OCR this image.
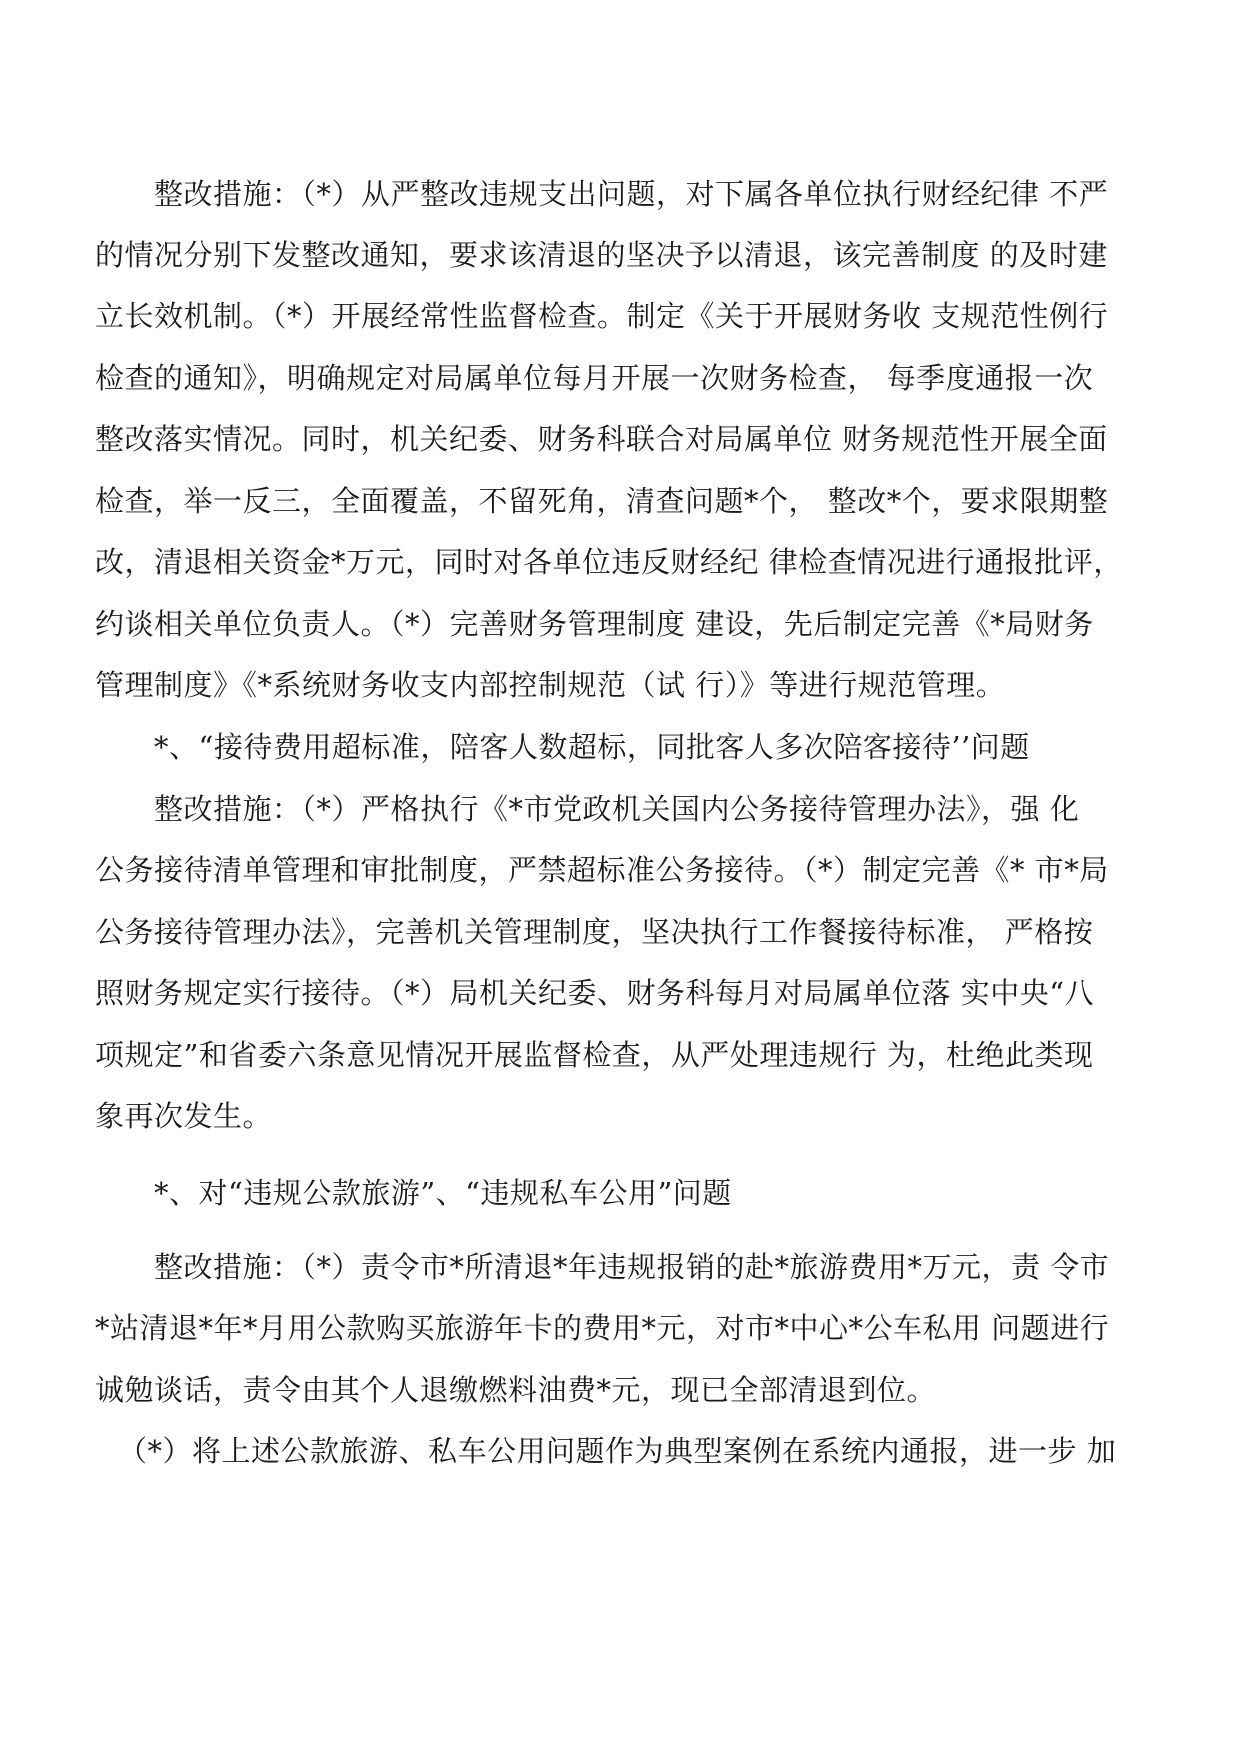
　　整改措施：（*）从严整改违规支出问题，对下属各单位执行财经纪律 不严
的情况分别下发整改通知，要求该清退的坚决予以清退，该完善制度 的及时建
立长效机制。（*）开展经常性监督检查。制定《关于开展财务收 支规范性例行
检查的通知》，明确规定对局属单位每月开展一次财务检查， 每季度通报一次
整改落实情况。同时，机关纪委、财务科联合对局属单位 财务规范性开展全面
检查，举一反三，全面覆盖，不留死角，清查问题*个， 整改*个，要求限期整
改，清退相关资金*万元，同时对各单位违反财经纪 律检查情况进行通报批评，
约谈相关单位负责人。（*）完善财务管理制度 建设，先后制定完善《*局财务
管理制度》《*系统财务收支内部控制规范（试 行）》等进行规范管理。
　　*、“接待费用超标准，陪客人数超标，同批客人多次陪客接待’’问题
　　整改措施：（*）严格执行《*市党政机关国内公务接待管理办法》，强 化
公务接待清单管理和审批制度，严禁超标准公务接待。（*）制定完善《* 市*局
公务接待管理办法》，完善机关管理制度，坚决执行工作餐接待标准， 严格按
照财务规定实行接待。（*）局机关纪委、财务科每月对局属单位落 实中央“八
项规定”和省委六条意见情况开展监督检查，从严处理违规行 为，杜绝此类现
象再次发生。
　　*、对“违规公款旅游”、“违规私车公用”问题
　　整改措施：（*）责令市*所清退*年违规报销的赴*旅游费用*万元，责 令市
*站清退*年*月用公款购买旅游年卡的费用*元，对市*中心*公车私用 问题进行
诚勉谈话，责令由其个人退缴燃料油费*元，现已全部清退到位。
（*）将上述公款旅游、私车公用问题作为典型案例在系统内通报，进一步 加
